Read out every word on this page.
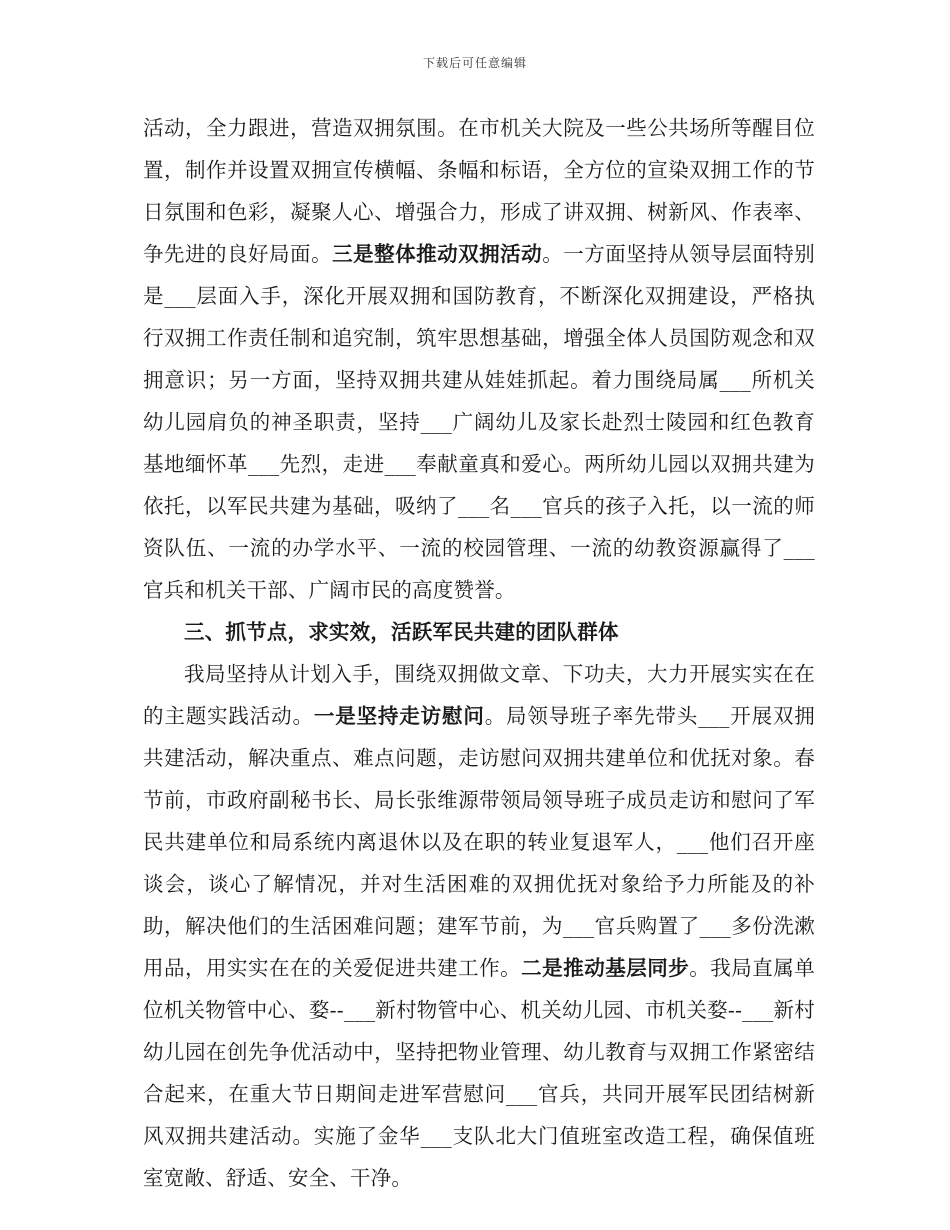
下载后可任意编辑

活动，全力跟进，营造双拥氛围。在市机关大院及一些公共场所等醒目位置，制作并设置双拥宣传横幅、条幅和标语，全方位的宣染双拥工作的节日氛围和色彩，凝聚人心、增强合力，形成了讲双拥、树新风、作表率、争先进的良好局面。三是整体推动双拥活动。一方面坚持从领导层面特别是___层面入手，深化开展双拥和国防教育，不断深化双拥建设，严格执行双拥工作责任制和追究制，筑牢思想基础，增强全体人员国防观念和双拥意识；另一方面，坚持双拥共建从娃娃抓起。着力围绕局属___所机关幼儿园肩负的神圣职责，坚持___广阔幼儿及家长赴烈士陵园和红色教育基地缅怀革___先烈，走进___奉献童真和爱心。两所幼儿园以双拥共建为依托，以军民共建为基础，吸纳了___名___官兵的孩子入托，以一流的师资队伍、一流的办学水平、一流的校园管理、一流的幼教资源赢得了___官兵和机关干部、广阔市民的高度赞誉。

三、抓节点，求实效，活跃军民共建的团队群体

我局坚持从计划入手，围绕双拥做文章、下功夫，大力开展实实在在的主题实践活动。一是坚持走访慰问。局领导班子率先带头___开展双拥共建活动，解决重点、难点问题，走访慰问双拥共建单位和优抚对象。春节前，市政府副秘书长、局长张维源带领局领导班子成员走访和慰问了军民共建单位和局系统内离退休以及在职的转业复退军人，___他们召开座谈会，谈心了解情况，并对生活困难的双拥优抚对象给予力所能及的补助，解决他们的生活困难问题；建军节前，为___官兵购置了___多份洗漱用品，用实实在在的关爱促进共建工作。二是推动基层同步。我局直属单位机关物管中心、婺--___新村物管中心、机关幼儿园、市机关婺--___新村幼儿园在创先争优活动中，坚持把物业管理、幼儿教育与双拥工作紧密结合起来，在重大节日期间走进军营慰问___官兵，共同开展军民团结树新风双拥共建活动。实施了金华___支队北大门值班室改造工程，确保值班室宽敞、舒适、安全、干净。
